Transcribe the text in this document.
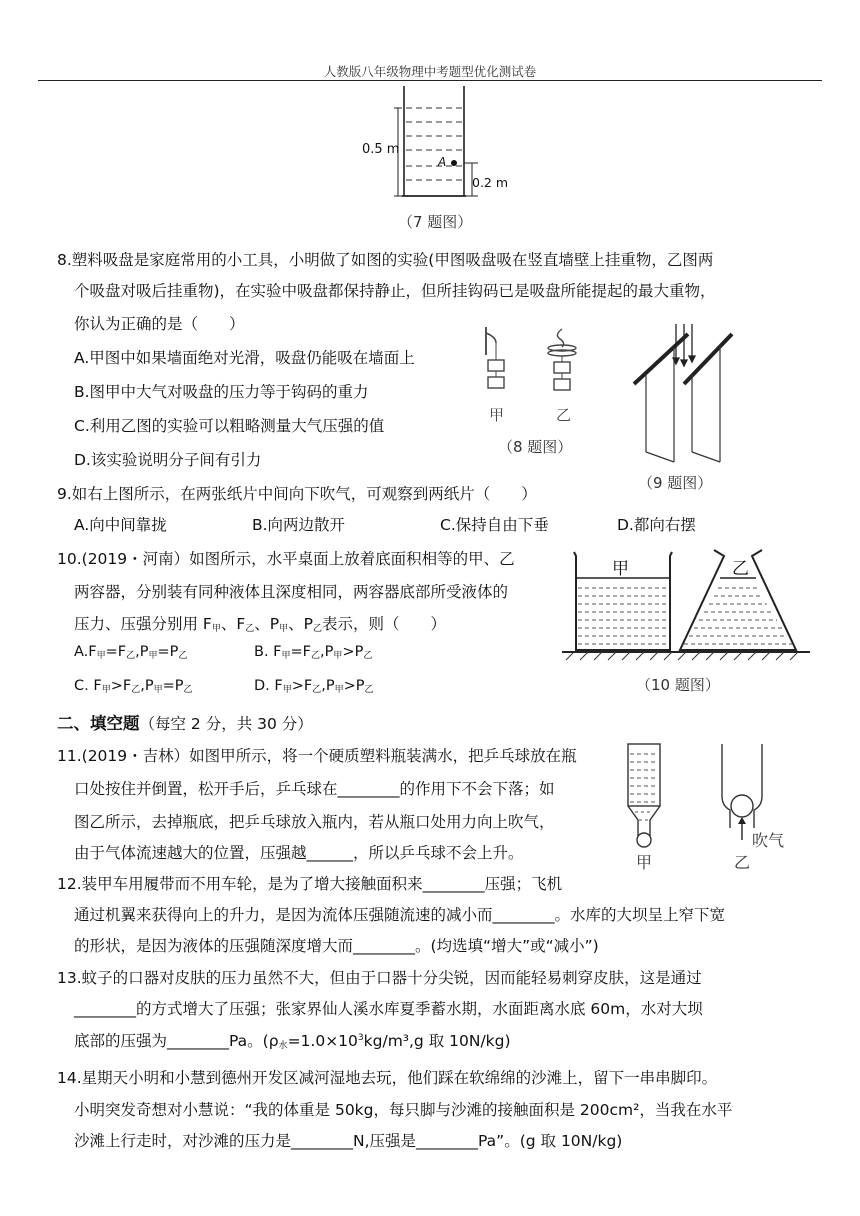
人教版八年级物理中考题型优化测试卷
0.5 m
A
0.2 m
（7 题图）
8.塑料吸盘是家庭常用的小工具，小明做了如图的实验(甲图吸盘吸在竖直墙壁上挂重物，乙图两
个吸盘对吸后挂重物)，在实验中吸盘都保持静止，但所挂钩码已是吸盘所能提起的最大重物，
你认为正确的是（　　）
A.甲图中如果墙面绝对光滑，吸盘仍能吸在墙面上
B.图甲中大气对吸盘的压力等于钩码的重力
C.利用乙图的实验可以粗略测量大气压强的值
D.该实验说明分子间有引力
甲	乙
（8 题图）
（9 题图）
9.如右上图所示，在两张纸片中间向下吹气，可观察到两纸片（　　）
A.向中间靠拢	B.向两边散开	C.保持自由下垂	D.都向右摆
10.(2019・河南）如图所示，水平桌面上放着底面积相等的甲、乙
两容器，分别装有同种液体且深度相同，两容器底部所受液体的
压力、压强分别用 $F_甲$、$F_乙$、$P_甲$、$P_乙$表示，则（　　）
$A.F_甲=F_乙,P_甲=P_乙$	B. $F_甲=F_乙,P_甲>P_乙$
C. $F_甲>F_乙,P_甲=P_乙$	D. $F_甲>F_乙,P_甲>P_乙$
甲	乙
（10 题图）
二、填空题（每空 2 分，共 30 分）
11.(2019・吉林）如图甲所示，将一个硬质塑料瓶装满水，把乒乓球放在瓶
口处按住并倒置，松开手后，乒乓球在________的作用下不会下落；如
图乙所示，去掉瓶底，把乒乓球放入瓶内，若从瓶口处用力向上吹气，
由于气体流速越大的位置，压强越______，所以乒乓球不会上升。	甲	乙
吹气
12.装甲车用履带而不用车轮，是为了增大接触面积来________压强；飞机
通过机翼来获得向上的升力，是因为流体压强随流速的减小而________。水库的大坝呈上窄下宽
的形状，是因为液体的压强随深度增大而________。(均选填“增大”或“减小”)
13.蚊子的口器对皮肤的压力虽然不大，但由于口器十分尖锐，因而能轻易刺穿皮肤，这是通过
________的方式增大了压强；张家界仙人溪水库夏季蓄水期，水面距离水底 60m，水对大坝
底部的压强为________Pa。($\rho_水=1.0\times 10^3kg/m^3,g$ 取 10N/kg)
14.星期天小明和小慧到德州开发区减河湿地去玩，他们踩在软绵绵的沙滩上，留下一串串脚印。
小明突发奇想对小慧说：“我的体重是 50kg，每只脚与沙滩的接触面积是 200cm²，当我在水平
沙滩上行走时，对沙滩的压力是________N,压强是________Pa”。(g 取 10N/kg)
